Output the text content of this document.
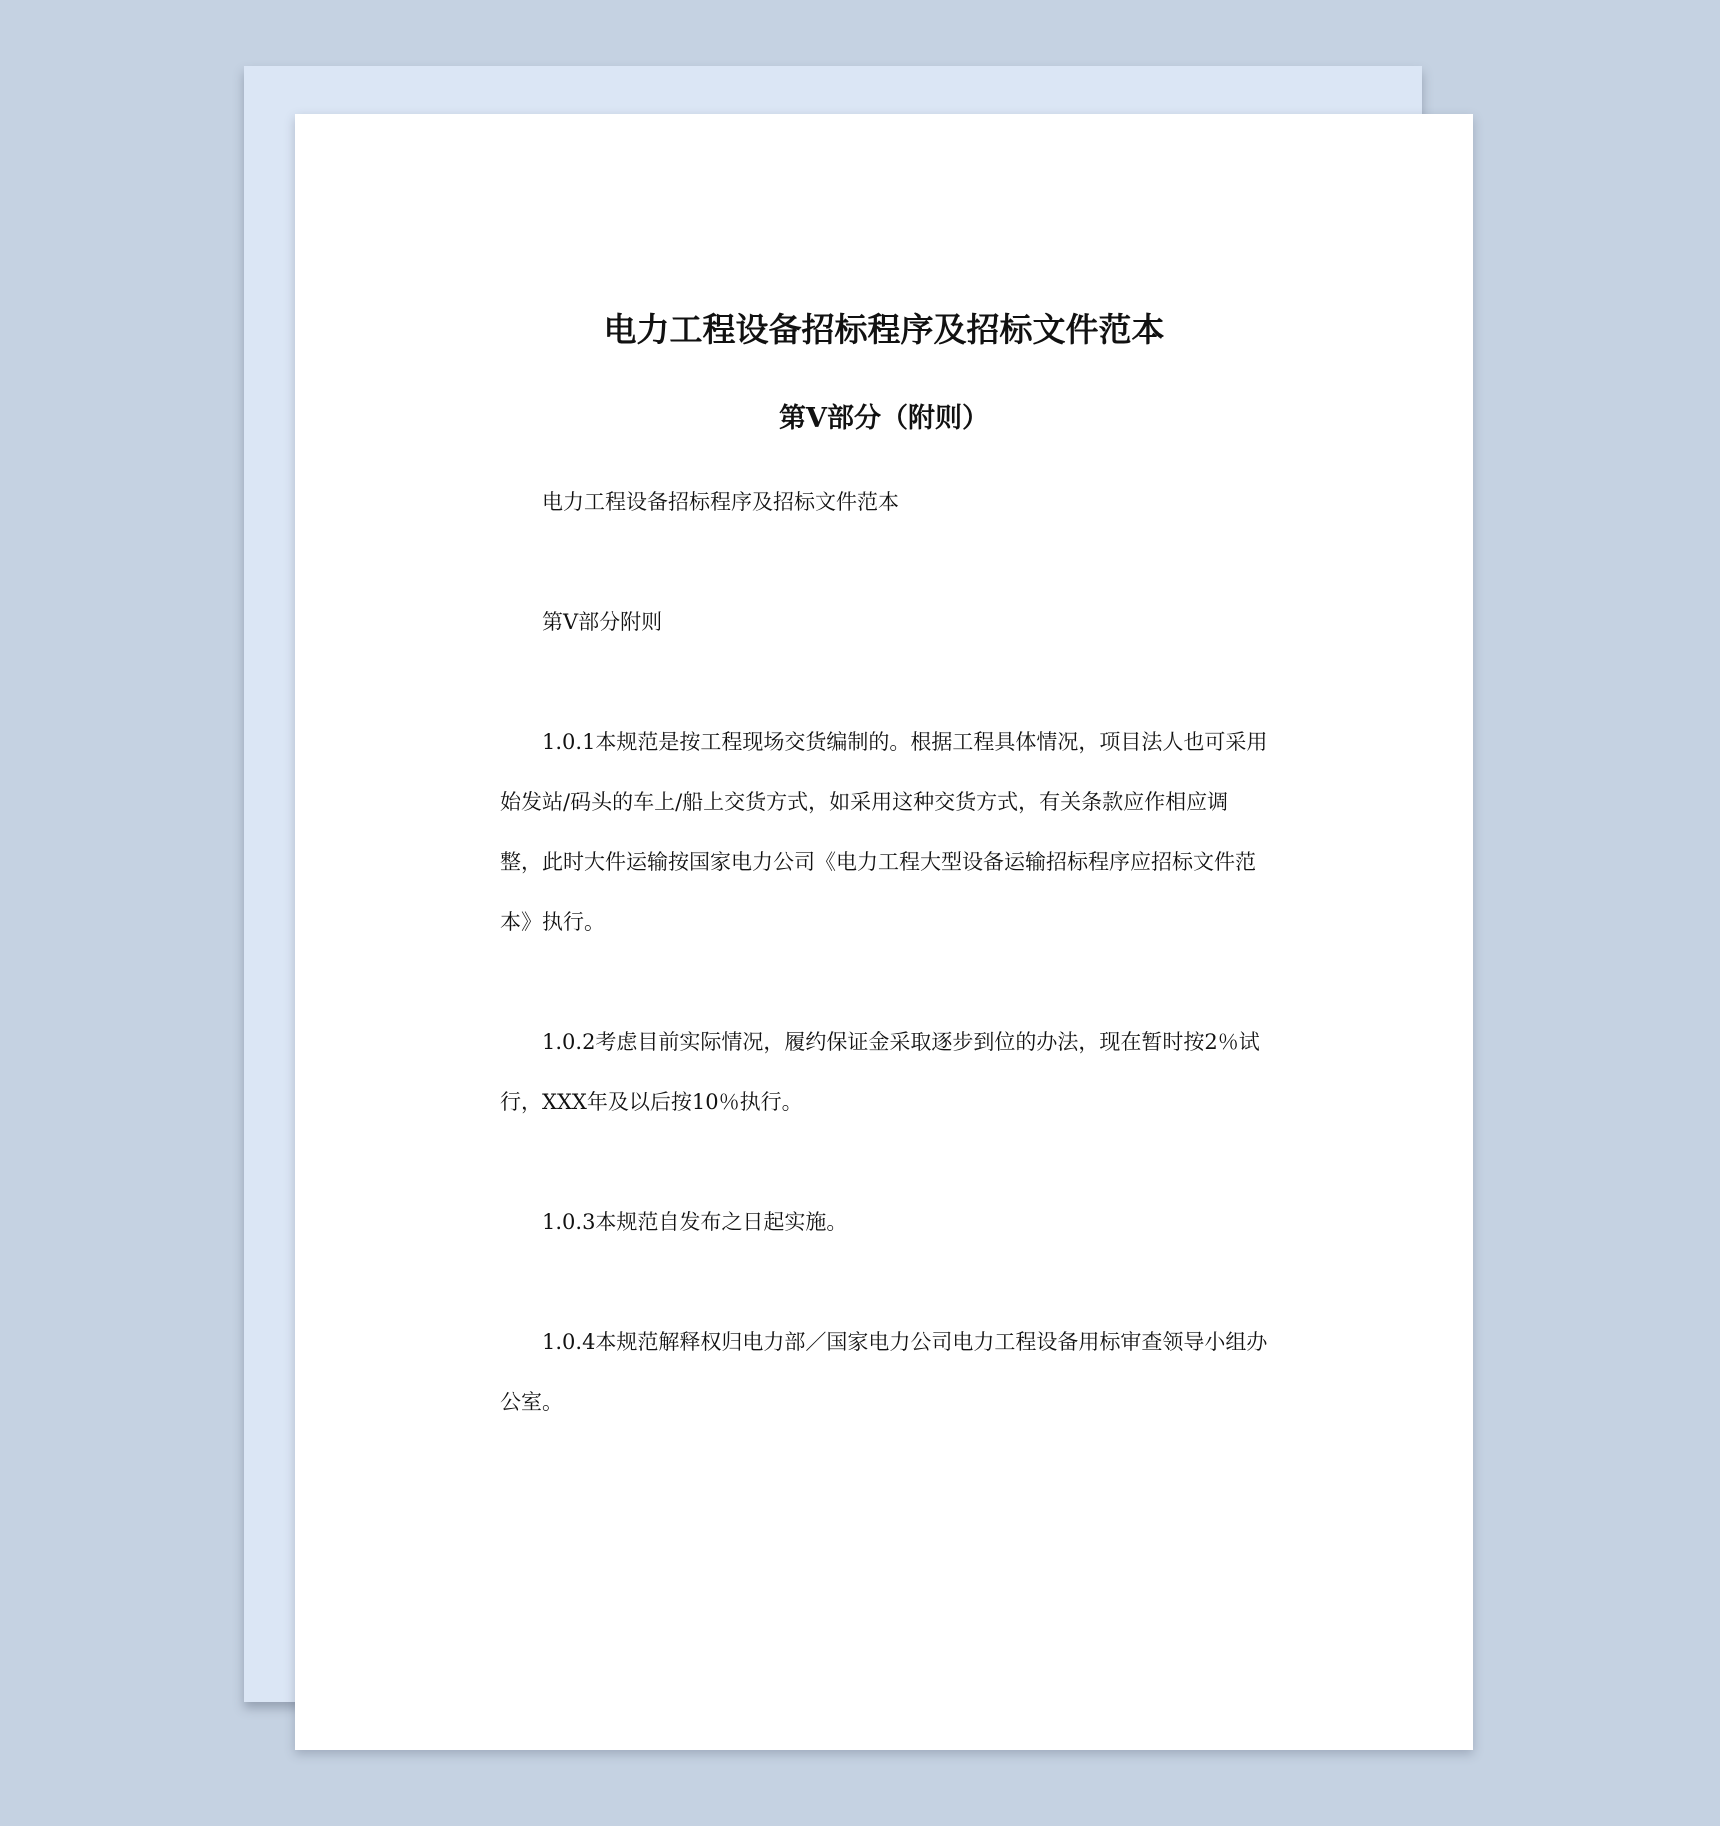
电力工程设备招标程序及招标文件范本
第Ⅴ部分（附则）

电力工程设备招标程序及招标文件范本

第Ⅴ部分附则

1.0.1本规范是按工程现场交货编制的。根据工程具体情况，项目法人也可采用始发站/码头的车上/船上交货方式，如采用这种交货方式，有关条款应作相应调整，此时大件运输按国家电力公司《电力工程大型设备运输招标程序应招标文件范本》执行。

1.0.2考虑目前实际情况，履约保证金采取逐步到位的办法，现在暂时按2％试行，XXX年及以后按10％执行。

1.0.3本规范自发布之日起实施。

1.0.4本规范解释权归电力部／国家电力公司电力工程设备用标审查领导小组办公室。
